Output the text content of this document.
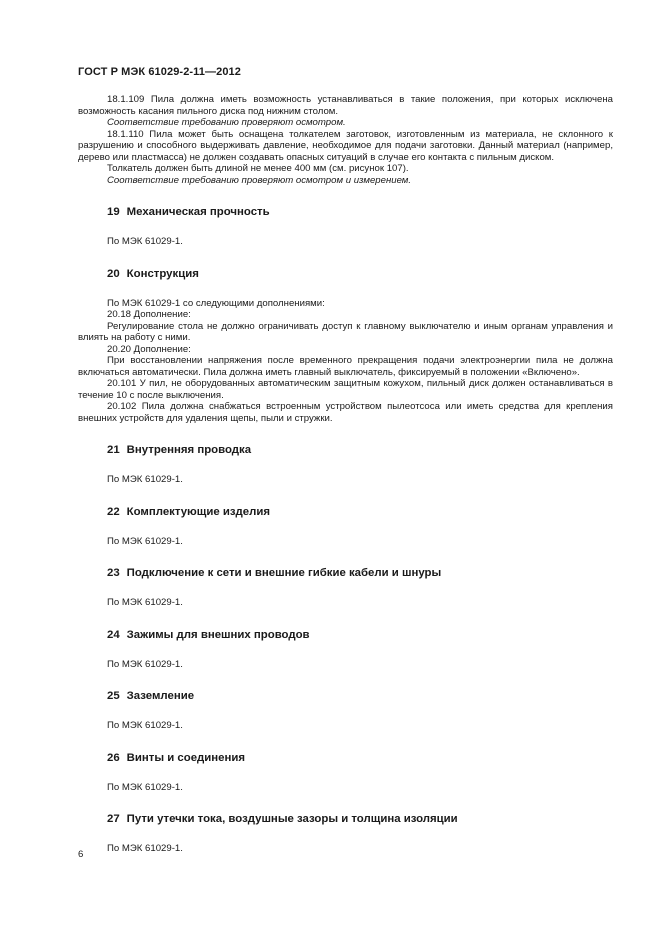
ГОСТ Р МЭК 61029-2-11—2012

18.1.109 Пила должна иметь возможность устанавливаться в такие положения, при которых исключена возможность касания пильного диска под нижним столом.

Соответствие требованию проверяют осмотром.

18.1.110 Пила может быть оснащена толкателем заготовок, изготовленным из материала, не склонного к разрушению и способного выдерживать давление, необходимое для подачи заготовки. Данный материал (например, дерево или пластмасса) не должен создавать опасных ситуаций в случае его контакта с пильным диском.

Толкатель должен быть длиной не менее 400 мм (см. рисунок 107).

Соответствие требованию проверяют осмотром и измерением.

19 Механическая прочность

По МЭК 61029-1.

20 Конструкция

По МЭК 61029-1 со следующими дополнениями:

20.18 Дополнение:

Регулирование стола не должно ограничивать доступ к главному выключателю и иным органам управления и влиять на работу с ними.

20.20 Дополнение:

При восстановлении напряжения после временного прекращения подачи электроэнергии пила не должна включаться автоматически. Пила должна иметь главный выключатель, фиксируемый в положении «Включено».

20.101 У пил, не оборудованных автоматическим защитным кожухом, пильный диск должен останавливаться в течение 10 с после выключения.

20.102 Пила должна снабжаться встроенным устройством пылеотсоса или иметь средства для крепления внешних устройств для удаления щепы, пыли и стружки.

21 Внутренняя проводка

По МЭК 61029-1.

22 Комплектующие изделия

По МЭК 61029-1.

23 Подключение к сети и внешние гибкие кабели и шнуры

По МЭК 61029-1.

24 Зажимы для внешних проводов

По МЭК 61029-1.

25 Заземление

По МЭК 61029-1.

26 Винты и соединения

По МЭК 61029-1.

27 Пути утечки тока, воздушные зазоры и толщина изоляции

По МЭК 61029-1.

6
